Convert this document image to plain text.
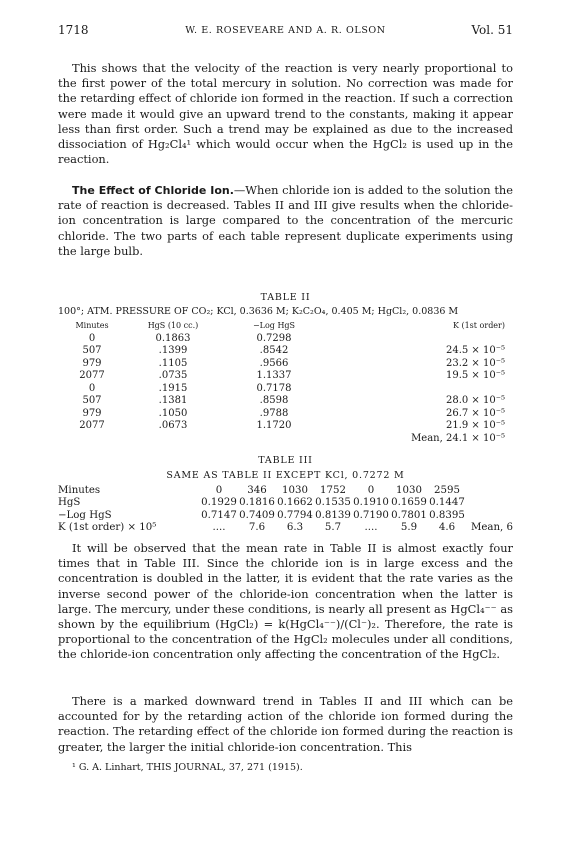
1718	W. E. ROSEVEARE AND A. R. OLSON	Vol. 51

This shows that the velocity of the reaction is very nearly proportional to the first power of the total mercury in solution. No correction was made for the retarding effect of chloride ion formed in the reaction. If such a correction were made it would give an upward trend to the constants, making it appear less than first order. Such a trend may be explained as due to the increased dissociation of Hg₂Cl₄¹ which would occur when the HgCl₂ is used up in the reaction.

The Effect of Chloride Ion.—When chloride ion is added to the solution the rate of reaction is decreased. Tables II and III give results when the chloride-ion concentration is large compared to the concentration of the mercuric chloride. The two parts of each table represent duplicate experiments using the large bulb.

TABLE II
100°; ATM. PRESSURE OF CO₂; KCl, 0.3636 M; K₂C₂O₄, 0.405 M; HgCl₂, 0.0836 M
Minutes	HgS (10 cc.)	−Log HgS	K (1st order)
0	0.1863	0.7298	
507	.1399	.8542	24.5 × 10⁻⁵
979	.1105	.9566	23.2 × 10⁻⁵
2077	.0735	1.1337	19.5 × 10⁻⁵
0	.1915	0.7178	
507	.1381	.8598	28.0 × 10⁻⁵
979	.1050	.9788	26.7 × 10⁻⁵
2077	.0673	1.1720	21.9 × 10⁻⁵
Mean, 24.1 × 10⁻⁵			
TABLE III
SAME AS TABLE II EXCEPT KCl, 0.7272 M
Minutes	0	346	1030	1752	0	1030	2595
HgS	0.1929 0.1816 0.1662 0.1535 0.1910 0.1659 0.1447
−Log HgS	0.7147 0.7409 0.7794 0.8139 0.7190 0.7801 0.8395
K (1st order) × 10⁵	....	7.6	6.3	5.7	....	5.9	4.6	Mean, 6

It will be observed that the mean rate in Table II is almost exactly four times that in Table III. Since the chloride ion is in large excess and the concentration is doubled in the latter, it is evident that the rate varies as the inverse second power of the chloride-ion concentration when the latter is large. The mercury, under these conditions, is nearly all present as HgCl₄⁻⁻ as shown by the equilibrium (HgCl₂) = k(HgCl₄⁻⁻)/(Cl⁻)₂. Therefore, the rate is proportional to the concentration of the HgCl₂ molecules under all conditions, the chloride-ion concentration only affecting the concentration of the HgCl₂.

There is a marked downward trend in Tables II and III which can be accounted for by the retarding action of the chloride ion formed during the reaction. The retarding effect of the chloride ion formed during the reaction is greater, the larger the initial chloride-ion concentration. This

¹ G. A. Linhart, THIS JOURNAL, 37, 271 (1915).
